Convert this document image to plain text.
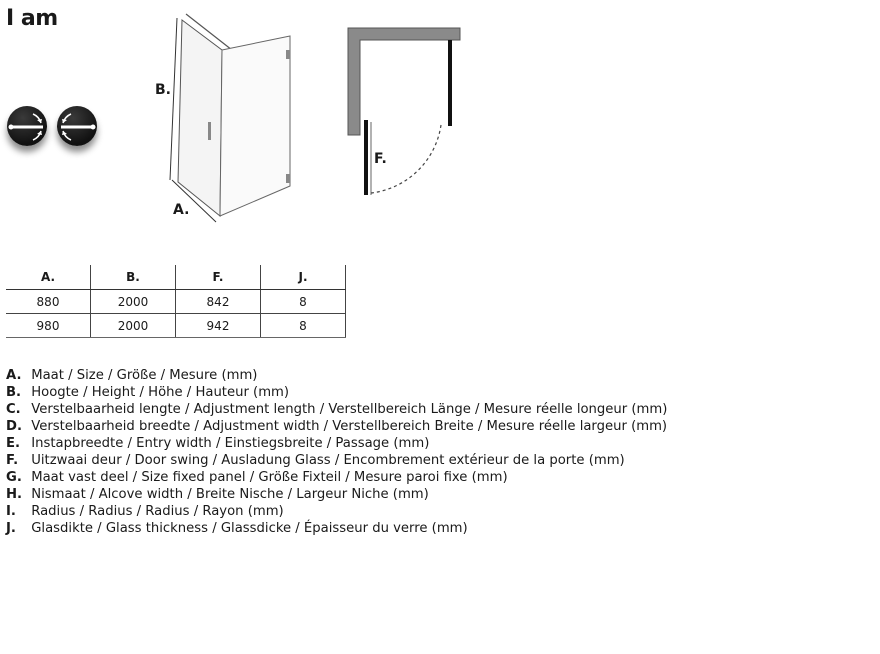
I am
B.
A.
F.
A.	B.	F.	J.
880	2000	842	8
980	2000	942	8
A. Maat / Size / Größe / Mesure (mm)
B. Hoogte / Height / Höhe / Hauteur (mm)
C. Verstelbaarheid lengte / Adjustment length / Verstellbereich Länge / Mesure réelle longeur (mm)
D. Verstelbaarheid breedte / Adjustment width / Verstellbereich Breite / Mesure réelle largeur (mm)
E. Instapbreedte / Entry width / Einstiegsbreite / Passage (mm)
F. Uitzwaai deur / Door swing / Ausladung Glass / Encombrement extérieur de la porte (mm)
G. Maat vast deel / Size fixed panel / Größe Fixteil / Mesure paroi fixe (mm)
H. Nismaat / Alcove width / Breite Nische / Largeur Niche (mm)
I. Radius / Radius / Radius / Rayon (mm)
J. Glasdikte / Glass thickness / Glassdicke / Épaisseur du verre (mm)
